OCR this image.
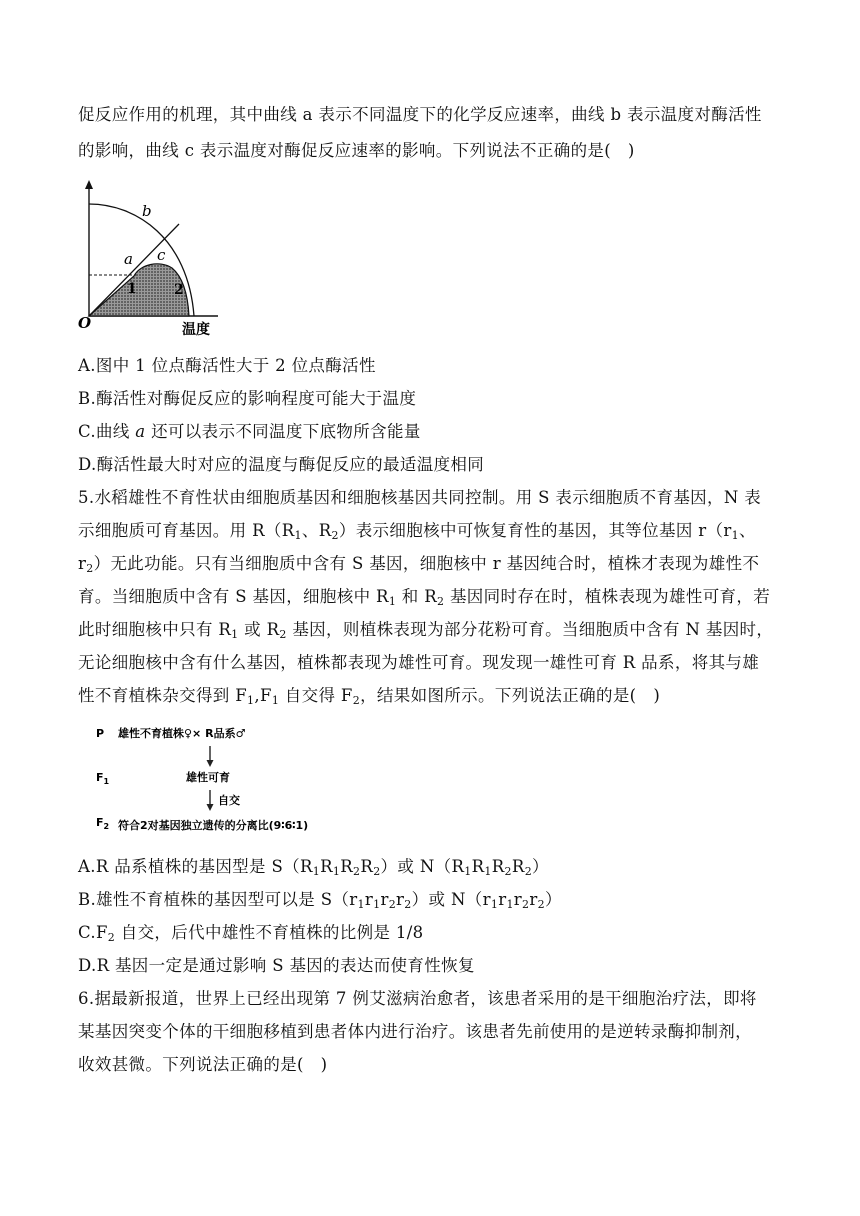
促反应作用的机理，其中曲线 a 表示不同温度下的化学反应速率，曲线 b 表示温度对酶活性
的影响，曲线 c 表示温度对酶促反应速率的影响。下列说法不正确的是(　)
b
a c
1	2
O	温度
A.图中 1 位点酶活性大于 2 位点酶活性
B.酶活性对酶促反应的影响程度可能大于温度
C.曲线 a 还可以表示不同温度下底物所含能量
D.酶活性最大时对应的温度与酶促反应的最适温度相同
5.水稻雄性不育性状由细胞质基因和细胞核基因共同控制。用 S 表示细胞质不育基因，N 表
示细胞质可育基因。用 $R(R_1$、$R_2$）表示细胞核中可恢复育性的基因，其等位基因 $r(r_1$、
$r_2$）无此功能。只有当细胞质中含有 S 基因，细胞核中 r 基因纯合时，植株才表现为雄性不
育。当细胞质中含有 S 基因，细胞核中 $R_1$ 和 $R_2$ 基因同时存在时，植株表现为雄性可育，若
此时细胞核中只有 $R_1$ 或 $R_2$ 基因，则植株表现为部分花粉可育。当细胞质中含有 N 基因时，
无论细胞核中含有什么基因，植株都表现为雄性可育。现发现一雄性可育 R 品系，将其与雄
性不育植株杂交得到 $F_1,F_1$ 自交得 $F_2$，结果如图所示。下列说法正确的是(　)
P 雄性不育植株♀× R品系♂
$F_1$	雄性可育
自交
$F_2$ 符合2对基因独立遗传的分离比(9∶6∶1)
A.R 品系植株的基因型是 $S(R_1R_1R_2R_2)$或 $N(R_1R_1R_2R_2)$
B.雄性不育植株的基因型可以是 $S(r_1r_1r_2r_2)$或 $N(r_1r_1r_2r_2)$
$C.F_2$ 自交，后代中雄性不育植株的比例是 1/8
D.R 基因一定是通过影响 S 基因的表达而使育性恢复
6.据最新报道，世界上已经出现第 7 例艾滋病治愈者，该患者采用的是干细胞治疗法，即将
某基因突变个体的干细胞移植到患者体内进行治疗。该患者先前使用的是逆转录酶抑制剂，
收效甚微。下列说法正确的是(　)
